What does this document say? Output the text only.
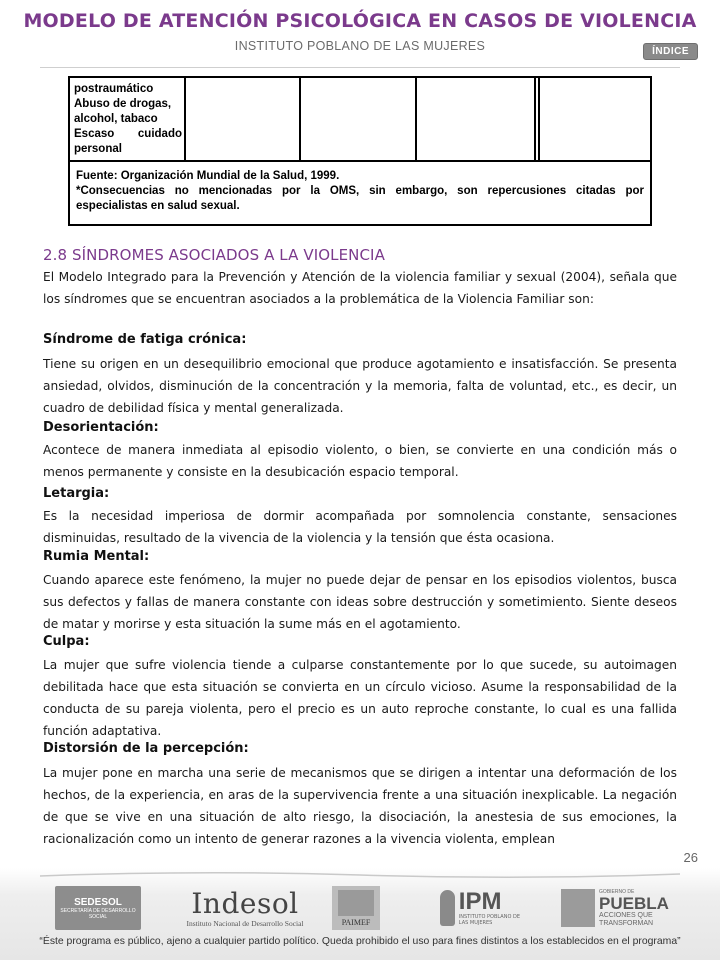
MODELO DE ATENCIÓN PSICOLÓGICA EN CASOS DE VIOLENCIA
INSTITUTO POBLANO DE LAS MUJERES	ÍNDICE
postraumático
Abuso de drogas,
alcohol, tabaco
Escaso cuidado
personal
Fuente: Organización Mundial de la Salud, 1999.
*Consecuencias no mencionadas por la OMS, sin embargo, son repercusiones citadas por
especialistas en salud sexual.
2.8 SÍNDROMES ASOCIADOS A LA VIOLENCIA
El Modelo Integrado para la Prevención y Atención de la violencia familiar y sexual (2004), señala que los síndromes que se encuentran asociados a la problemática de la Violencia Familiar son:
Síndrome de fatiga crónica:
Tiene su origen en un desequilibrio emocional que produce agotamiento e insatisfacción. Se presenta ansiedad, olvidos, disminución de la concentración y la memoria, falta de voluntad, etc., es decir, un cuadro de debilidad física y mental generalizada.
Desorientación:
Acontece de manera inmediata al episodio violento, o bien, se convierte en una condición más o menos permanente y consiste en la desubicación espacio temporal.
Letargia:
Es la necesidad imperiosa de dormir acompañada por somnolencia constante, sensaciones disminuidas, resultado de la vivencia de la violencia y la tensión que ésta ocasiona.
Rumia Mental:
Cuando aparece este fenómeno, la mujer no puede dejar de pensar en los episodios violentos, busca sus defectos y fallas de manera constante con ideas sobre destrucción y sometimiento. Siente deseos de matar y morirse y esta situación la sume más en el agotamiento.
Culpa:
La mujer que sufre violencia tiende a culparse constantemente por lo que sucede, su autoimagen debilitada hace que esta situación se convierta en un círculo vicioso. Asume la responsabilidad de la conducta de su pareja violenta, pero el precio es un auto reproche constante, lo cual es una fallida función adaptativa.
Distorsión de la percepción:
La mujer pone en marcha una serie de mecanismos que se dirigen a intentar una deformación de los hechos, de la experiencia, en aras de la supervivencia frente a una situación inexplicable. La negación de que se vive en una situación de alto riesgo, la disociación, la anestesia de sus emociones, la racionalización como un intento de generar razones a la vivencia violenta, emplean
26
SEDESOL
SECRETARÍA DE DESARROLLO SOCIAL	Indesol
Instituto Nacional de Desarrollo Social	PAIMEF
IPM
INSTITUTO POBLANO DE LAS MUJERES
GOBIERNO DE
PUEBLA
ACCIONES QUE
TRANSFORMAN
“Éste programa es público, ajeno a cualquier partido político. Queda prohibido el uso para fines distintos a los establecidos en el programa”
